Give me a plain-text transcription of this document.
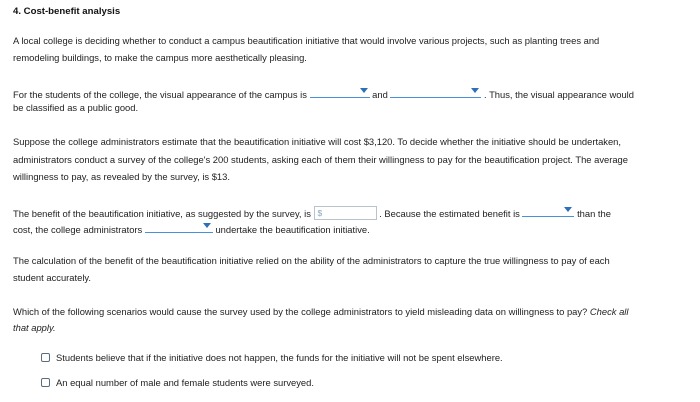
4. Cost-benefit analysis
A local college is deciding whether to conduct a campus beautification initiative that would involve various projects, such as planting trees and
remodeling buildings, to make the campus more aesthetically pleasing.
For the students of the college, the visual appearance of the campus is	and	. Thus, the visual appearance would
be classified as a public good.
Suppose the college administrators estimate that the beautification initiative will cost $3,120. To decide whether the initiative should be undertaken,
administrators conduct a survey of the college's 200 students, asking each of them their willingness to pay for the beautification project. The average
willingness to pay, as revealed by the survey, is $13.
The benefit of the beautification initiative, as suggested by the survey, is $	. Because the estimated benefit is	than the
cost, the college administrators	undertake the beautification initiative.
The calculation of the benefit of the beautification initiative relied on the ability of the administrators to capture the true willingness to pay of each
student accurately.
Which of the following scenarios would cause the survey used by the college administrators to yield misleading data on willingness to pay? Check all
that apply.
Students believe that if the initiative does not happen, the funds for the initiative will not be spent elsewhere.
An equal number of male and female students were surveyed.
